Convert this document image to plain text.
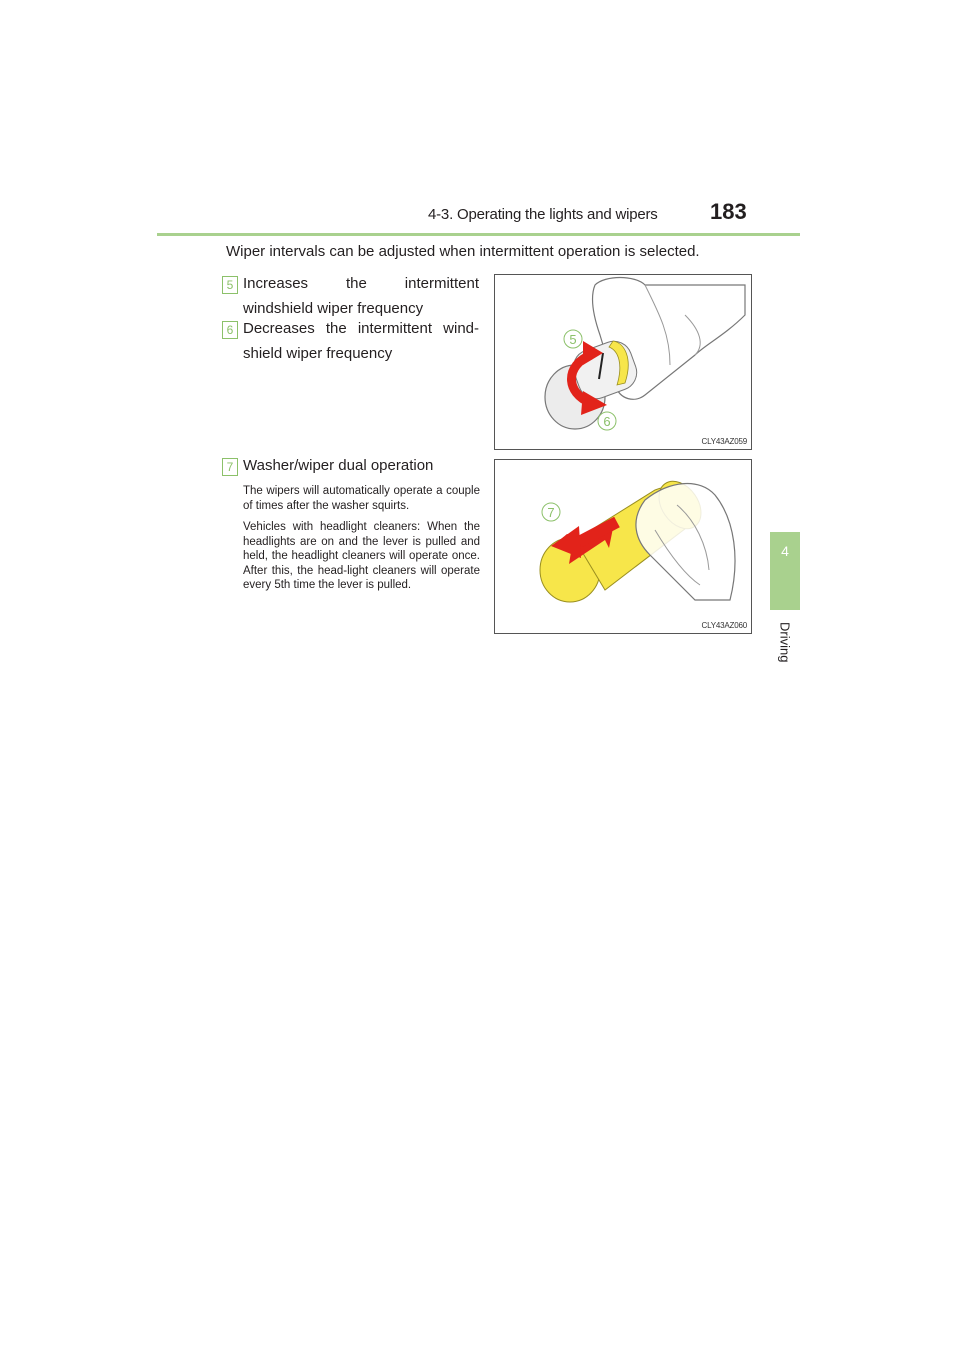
4-3. Operating the lights and wipers 183
4
Driving
Wiper intervals can be adjusted when intermittent operation is selected.
5 Increases the intermittent windshield wiper frequency
6 Decreases the intermittent wind-shield wiper frequency
7 Washer/wiper dual operation
The wipers will automatically operate a couple of times after the washer squirts.
Vehicles with headlight cleaners: When the headlights are on and the lever is pulled and held, the headlight cleaners will operate once. After this, the head-light cleaners will operate every 5th time the lever is pulled.
5
6
CLY43AZ059
7
CLY43AZ060
